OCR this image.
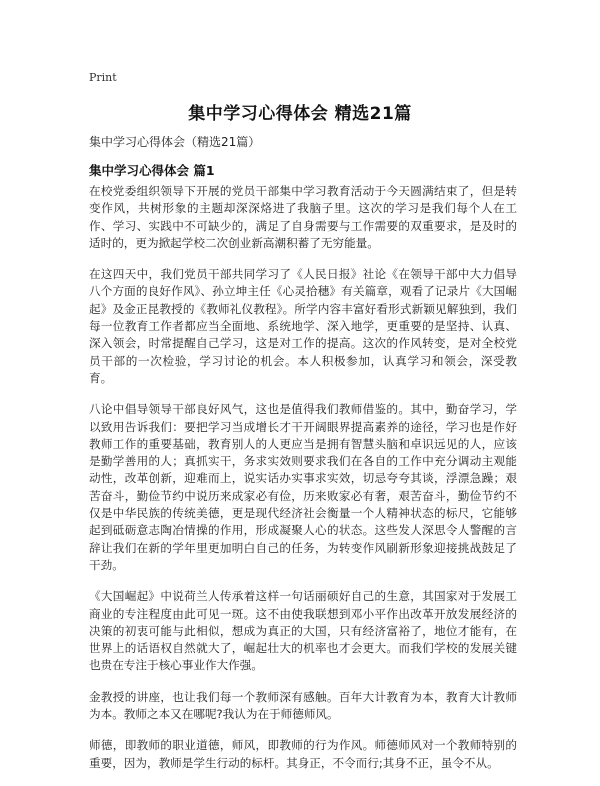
Print
集中学习心得体会 精选21篇
集中学习心得体会（精选21篇）
集中学习心得体会 篇1

在校党委组织领导下开展的党员干部集中学习教育活动于今天圆满结束了，但是转变作风，共树形象的主题却深深烙进了我脑子里。这次的学习是我们每个人在工作、学习、实践中不可缺少的，满足了自身需要与工作需要的双重要求，是及时的适时的，更为掀起学校二次创业新高潮积蓄了无穷能量。

在这四天中，我们党员干部共同学习了《人民日报》社论《在领导干部中大力倡导八个方面的良好作风》、孙立坤主任《心灵拾穗》有关篇章，观看了记录片《大国崛起》及金正昆教授的《教师礼仪教程》。所学内容丰富好看形式新颖见解独到，我们每一位教育工作者都应当全面地、系统地学、深入地学，更重要的是坚持、认真、深入领会，时常提醒自己学习，这是对工作的提高。这次的作风转变，是对全校党员干部的一次检验，学习讨论的机会。本人积极参加，认真学习和领会，深受教育。

八论中倡导领导干部良好风气，这也是值得我们教师借鉴的。其中，勤奋学习，学以致用告诉我们：要把学习当成增长才干开阔眼界提高素养的途径，学习也是作好教师工作的重要基础，教育别人的人更应当是拥有智慧头脑和卓识远见的人，应该是勤学善用的人；真抓实干，务求实效则要求我们在各自的工作中充分调动主观能动性，改革创新，迎难而上，说实话办实事求实效，切忌夸夸其谈，浮漂急躁；艰苦奋斗，勤俭节约中说历来成家必有俭，历来败家必有奢，艰苦奋斗，勤俭节约不仅是中华民族的传统美德，更是现代经济社会衡量一个人精神状态的标尺，它能够起到砥砺意志陶冶情操的作用，形成凝聚人心的状态。这些发人深思令人警醒的言辞让我们在新的学年里更加明白自己的任务，为转变作风刷新形象迎接挑战鼓足了干劲。

《大国崛起》中说荷兰人传承着这样一句话丽硕好自己的生意，其国家对于发展工商业的专注程度由此可见一斑。这不由使我联想到邓小平作出改革开放发展经济的决策的初衷可能与此相似，想成为真正的大国，只有经济富裕了，地位才能有，在世界上的话语权自然就大了，崛起壮大的机率也才会更大。而我们学校的发展关键也贵在专注于核心事业作大作强。

金教授的讲座，也让我们每一个教师深有感触。百年大计教育为本，教育大计教师为本。教师之本又在哪呢?我认为在于师德师风。

师德，即教师的职业道德，师风，即教师的行为作风。师德师风对一个教师特别的重要，因为，教师是学生行动的标杆。其身正，不令而行;其身不正，虽令不从。
